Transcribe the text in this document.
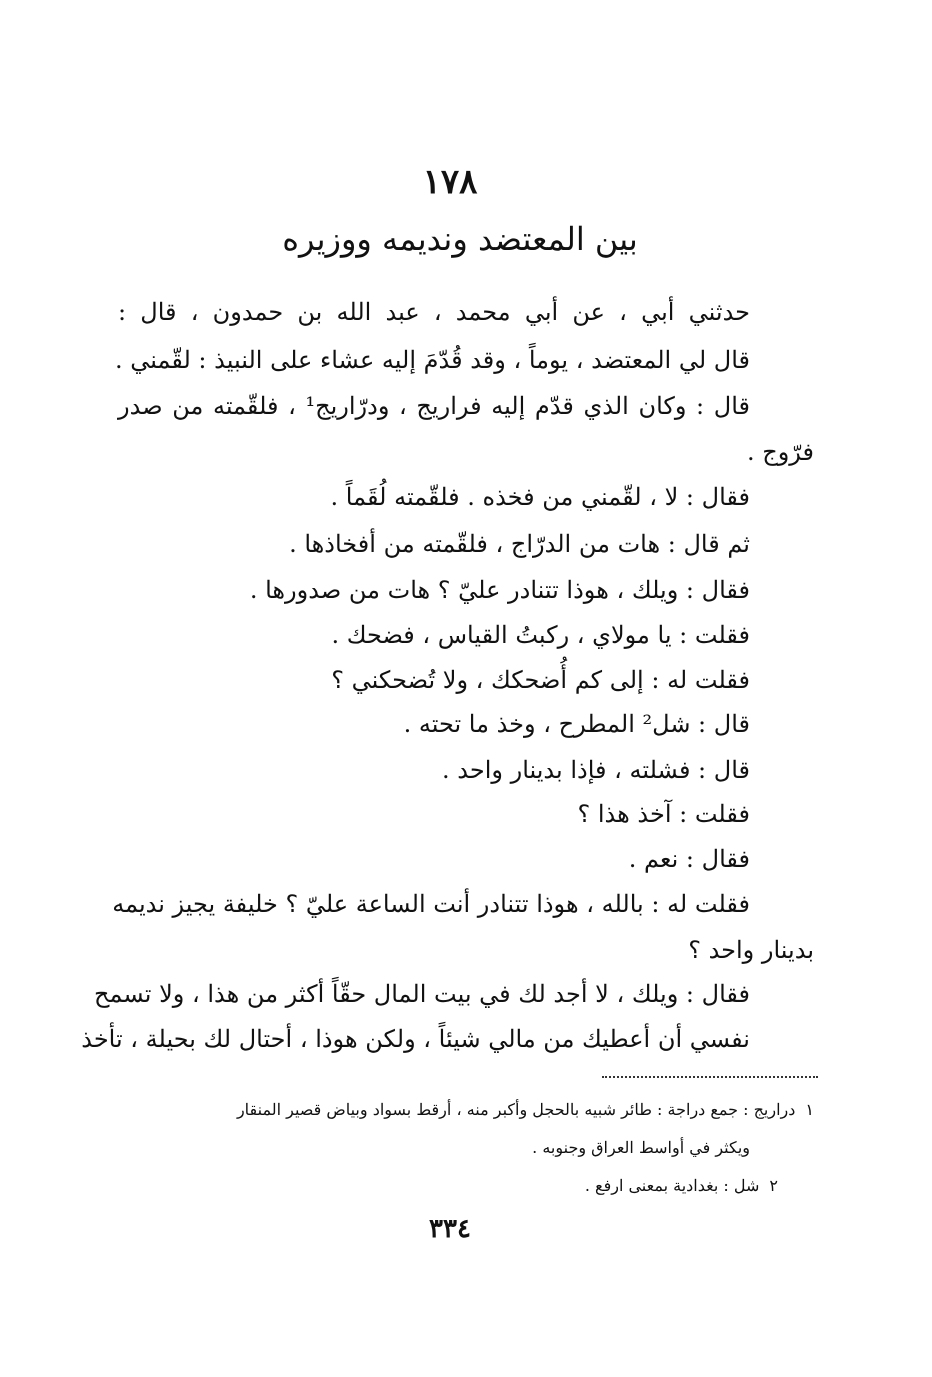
١٧٨
بين المعتضد ونديمه ووزيره
حدثني أبي ، عن أبي محمد ، عبد الله بن حمدون ، قال :
قال لي المعتضد ، يوماً ، وقد قُدّمَ إليه عشاء على النبيذ : لقّمني .
قال : وكان الذي قدّم إليه فراريج ، ودرّاريج¹ ، فلقّمته من صدر
فرّوج .
فقال : لا ، لقّمني من فخذه . فلقّمته لُقَماً .
ثم قال : هات من الدرّاج ، فلقّمته من أفخاذها .
فقال : ويلك ، هوذا تتنادر عليّ ؟ هات من صدورها .
فقلت : يا مولاي ، ركبتُ القياس ، فضحك .
فقلت له : إلى كم أُضحكك ، ولا تُضحكني ؟
قال : شل² المطرح ، وخذ ما تحته .
قال : فشلته ، فإذا بدينار واحد .
فقلت : آخذ هذا ؟
فقال : نعم .
فقلت له : بالله ، هوذا تتنادر أنت الساعة عليّ ؟ خليفة يجيز نديمه
بدينار واحد ؟
فقال : ويلك ، لا أجد لك في بيت المال حقّاً أكثر من هذا ، ولا تسمح
نفسي أن أعطيك من مالي شيئاً ، ولكن هوذا ، أحتال لك بحيلة ، تأخذ
١دراريج : جمع دراجة : طائر شبيه بالحجل وأكبر منه ، أرقط بسواد وبياض قصير المنقار
ويكثر في أواسط العراق وجنوبه .
٢شل : بغدادية بمعنى ارفع .
٣٣٤
